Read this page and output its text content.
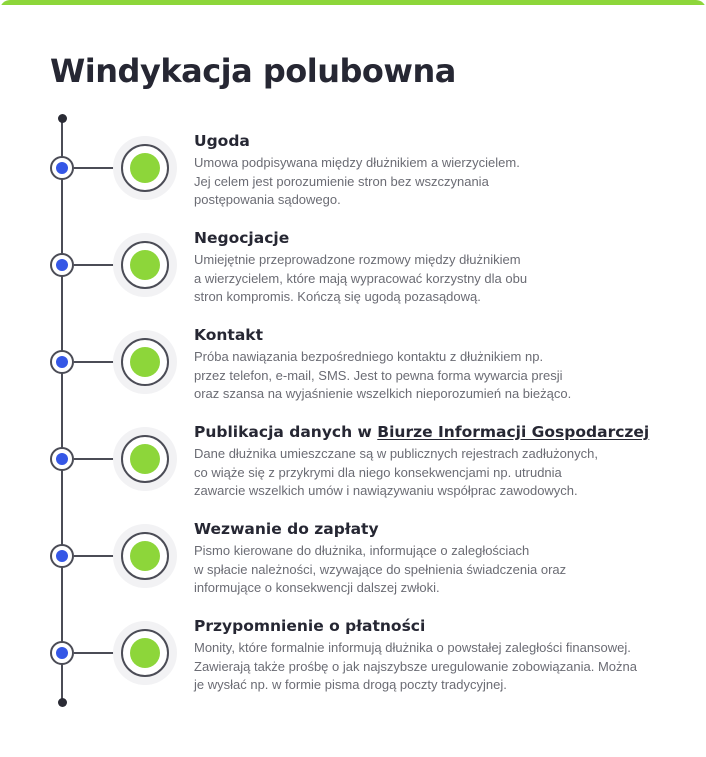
Windykacja polubowna
Ugoda
Umowa podpisywana między dłużnikiem a wierzycielem.
Jej celem jest porozumienie stron bez wszczynania
postępowania sądowego.
Negocjacje
Umiejętnie przeprowadzone rozmowy między dłużnikiem
a wierzycielem, które mają wypracować korzystny dla obu
stron kompromis. Kończą się ugodą pozasądową.
Kontakt
Próba nawiązania bezpośredniego kontaktu z dłużnikiem np.
przez telefon, e-mail, SMS. Jest to pewna forma wywarcia presji
oraz szansa na wyjaśnienie wszelkich nieporozumień na bieżąco.
Publikacja danych w Biurze Informacji Gospodarczej
Dane dłużnika umieszczane są w publicznych rejestrach zadłużonych,
co wiąże się z przykrymi dla niego konsekwencjami np. utrudnia
zawarcie wszelkich umów i nawiązywaniu współprac zawodowych.
Wezwanie do zapłaty
Pismo kierowane do dłużnika, informujące o zaległościach
w spłacie należności, wzywające do spełnienia świadczenia oraz
informujące o konsekwencji dalszej zwłoki.
Przypomnienie o płatności
Monity, które formalnie informują dłużnika o powstałej zaległości finansowej.
Zawierają także prośbę o jak najszybsze uregulowanie zobowiązania. Można
je wysłać np. w formie pisma drogą poczty tradycyjnej.
